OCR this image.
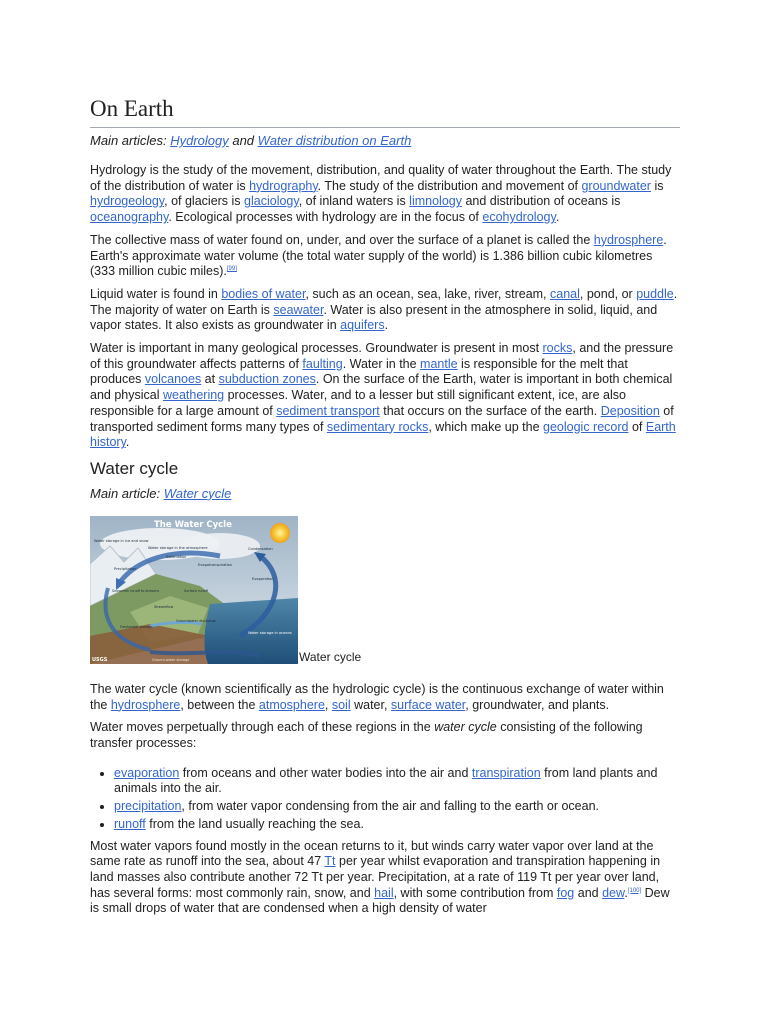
On Earth
Main articles: Hydrology and Water distribution on Earth

Hydrology is the study of the movement, distribution, and quality of water throughout the Earth. The study of the distribution of water is hydrography. The study of the distribution and movement of groundwater is hydrogeology, of glaciers is glaciology, of inland waters is limnology and distribution of oceans is oceanography. Ecological processes with hydrology are in the focus of ecohydrology.

The collective mass of water found on, under, and over the surface of a planet is called the hydrosphere. Earth's approximate water volume (the total water supply of the world) is 1.386 billion cubic kilometres (333 million cubic miles).[99]

Liquid water is found in bodies of water, such as an ocean, sea, lake, river, stream, canal, pond, or puddle. The majority of water on Earth is seawater. Water is also present in the atmosphere in solid, liquid, and vapor states. It also exists as groundwater in aquifers.

Water is important in many geological processes. Groundwater is present in most rocks, and the pressure of this groundwater affects patterns of faulting. Water in the mantle is responsible for the melt that produces volcanoes at subduction zones. On the surface of the Earth, water is important in both chemical and physical weathering processes. Water, and to a lesser but still significant extent, ice, are also responsible for a large amount of sediment transport that occurs on the surface of the earth. Deposition of transported sediment forms many types of sedimentary rocks, which make up the geologic record of Earth history.

Water cycle
Main article: Water cycle
The Water Cycle
Water storage in ice and snow
Water storage in the atmosphere	Condensation
Sublimation
Evapotranspiration
Precipitation
Evaporation
Snowmelt runoff to streams	Surface runoff
Streamflow
Freshwater storage
Groundwater discharge
Water storage in oceans
Ground-water storage
USGS	Water cycle

The water cycle (known scientifically as the hydrologic cycle) is the continuous exchange of water within the hydrosphere, between the atmosphere, soil water, surface water, groundwater, and plants.

Water moves perpetually through each of these regions in the water cycle consisting of the following transfer processes:

• evaporation from oceans and other water bodies into the air and transpiration from land plants and animals into the air.
• precipitation, from water vapor condensing from the air and falling to the earth or ocean.
• runoff from the land usually reaching the sea.

Most water vapors found mostly in the ocean returns to it, but winds carry water vapor over land at the same rate as runoff into the sea, about 47 Tt per year whilst evaporation and transpiration happening in land masses also contribute another 72 Tt per year. Precipitation, at a rate of 119 Tt per year over land, has several forms: most commonly rain, snow, and hail, with some contribution from fog and dew.[100] Dew is small drops of water that are condensed when a high density of water
